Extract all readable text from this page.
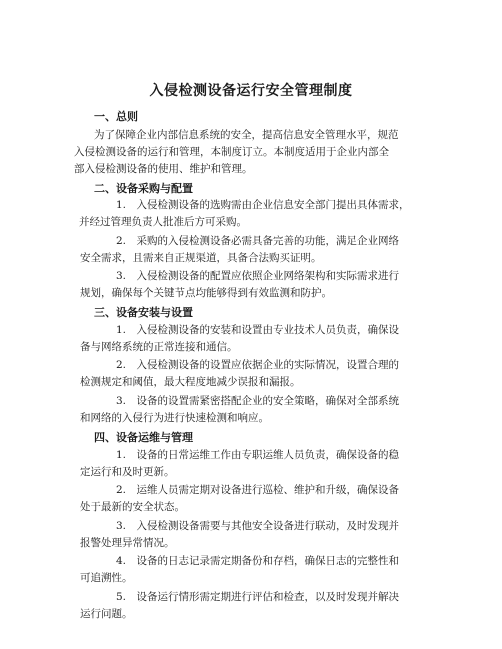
入侵检测设备运行安全管理制度
一、总则
为了保障企业内部信息系统的安全，提高信息安全管理水平，规范
入侵检测设备的运行和管理，本制度订立。本制度适用于企业内部全
部入侵检测设备的使用、维护和管理。
二、设备采购与配置
1.　入侵检测设备的选购需由企业信息安全部门提出具体需求，
并经过管理负责人批准后方可采购。
2.　采购的入侵检测设备必需具备完善的功能，满足企业网络
安全需求，且需来自正规渠道，具备合法购买证明。
3.　入侵检测设备的配置应依照企业网络架构和实际需求进行
规划，确保每个关键节点均能够得到有效监测和防护。
三、设备安装与设置
1.　入侵检测设备的安装和设置由专业技术人员负责，确保设
备与网络系统的正常连接和通信。
2.　入侵检测设备的设置应依据企业的实际情况，设置合理的
检测规定和阈值，最大程度地减少误报和漏报。
3.　设备的设置需紧密搭配企业的安全策略，确保对全部系统
和网络的入侵行为进行快速检测和响应。
四、设备运维与管理
1.　设备的日常运维工作由专职运维人员负责，确保设备的稳
定运行和及时更新。
2.　运维人员需定期对设备进行巡检、维护和升级，确保设备
处于最新的安全状态。
3.　入侵检测设备需要与其他安全设备进行联动，及时发现并
报警处理异常情况。
4.　设备的日志记录需定期备份和存档，确保日志的完整性和
可追溯性。
5.　设备运行情形需定期进行评估和检查，以及时发现并解决
运行问题。
